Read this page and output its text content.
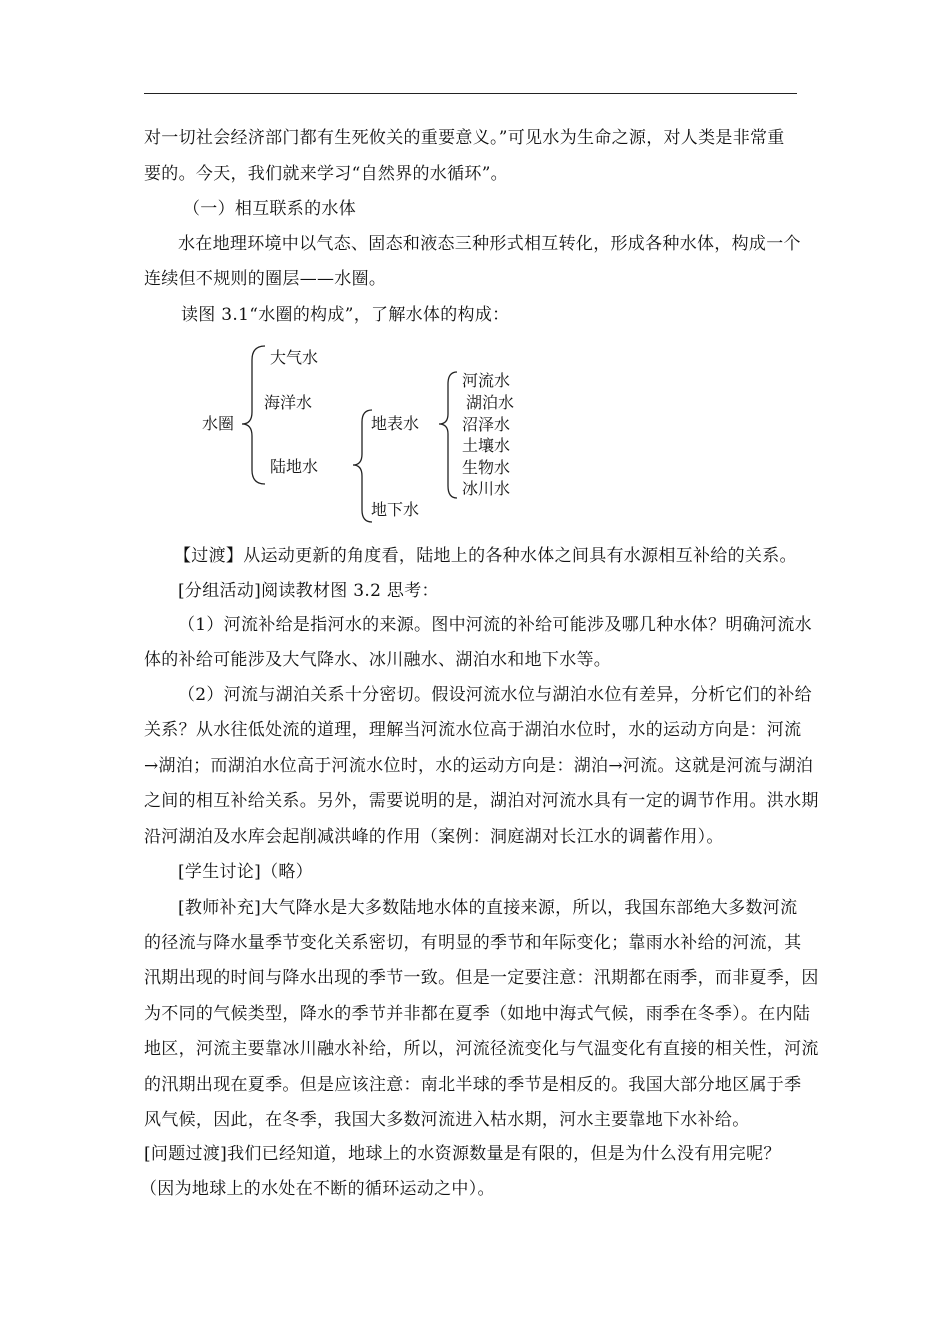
对一切社会经济部门都有生死攸关的重要意义。”可见水为生命之源，对人类是非常重
要的。今天，我们就来学习“自然界的水循环”。
（一）相互联系的水体
水在地理环境中以气态、固态和液态三种形式相互转化，形成各种水体，构成一个
连续但不规则的圈层——水圈。
读图 3.1“水圈的构成”，了解水体的构成：
水圈
大气水
海洋水
陆地水
地表水
地下水
河流水
湖泊水
沼泽水
土壤水
生物水
冰川水
【过渡】从运动更新的角度看，陆地上的各种水体之间具有水源相互补给的关系。
[分组活动]阅读教材图 3.2 思考：
（1）河流补给是指河水的来源。图中河流的补给可能涉及哪几种水体？明确河流水
体的补给可能涉及大气降水、冰川融水、湖泊水和地下水等。
（2）河流与湖泊关系十分密切。假设河流水位与湖泊水位有差异，分析它们的补给
关系？从水往低处流的道理，理解当河流水位高于湖泊水位时，水的运动方向是：河流
→湖泊；而湖泊水位高于河流水位时，水的运动方向是：湖泊→河流。这就是河流与湖泊
之间的相互补给关系。另外，需要说明的是，湖泊对河流水具有一定的调节作用。洪水期
沿河湖泊及水库会起削减洪峰的作用（案例：洞庭湖对长江水的调蓄作用）。
[学生讨论]（略）
[教师补充]大气降水是大多数陆地水体的直接来源，所以，我国东部绝大多数河流
的径流与降水量季节变化关系密切，有明显的季节和年际变化；靠雨水补给的河流，其
汛期出现的时间与降水出现的季节一致。但是一定要注意：汛期都在雨季，而非夏季，因
为不同的气候类型，降水的季节并非都在夏季（如地中海式气候，雨季在冬季）。在内陆
地区，河流主要靠冰川融水补给，所以，河流径流变化与气温变化有直接的相关性，河流
的汛期出现在夏季。但是应该注意：南北半球的季节是相反的。我国大部分地区属于季
风气候，因此，在冬季，我国大多数河流进入枯水期，河水主要靠地下水补给。
[问题过渡]我们已经知道，地球上的水资源数量是有限的，但是为什么没有用完呢？
（因为地球上的水处在不断的循环运动之中）。
